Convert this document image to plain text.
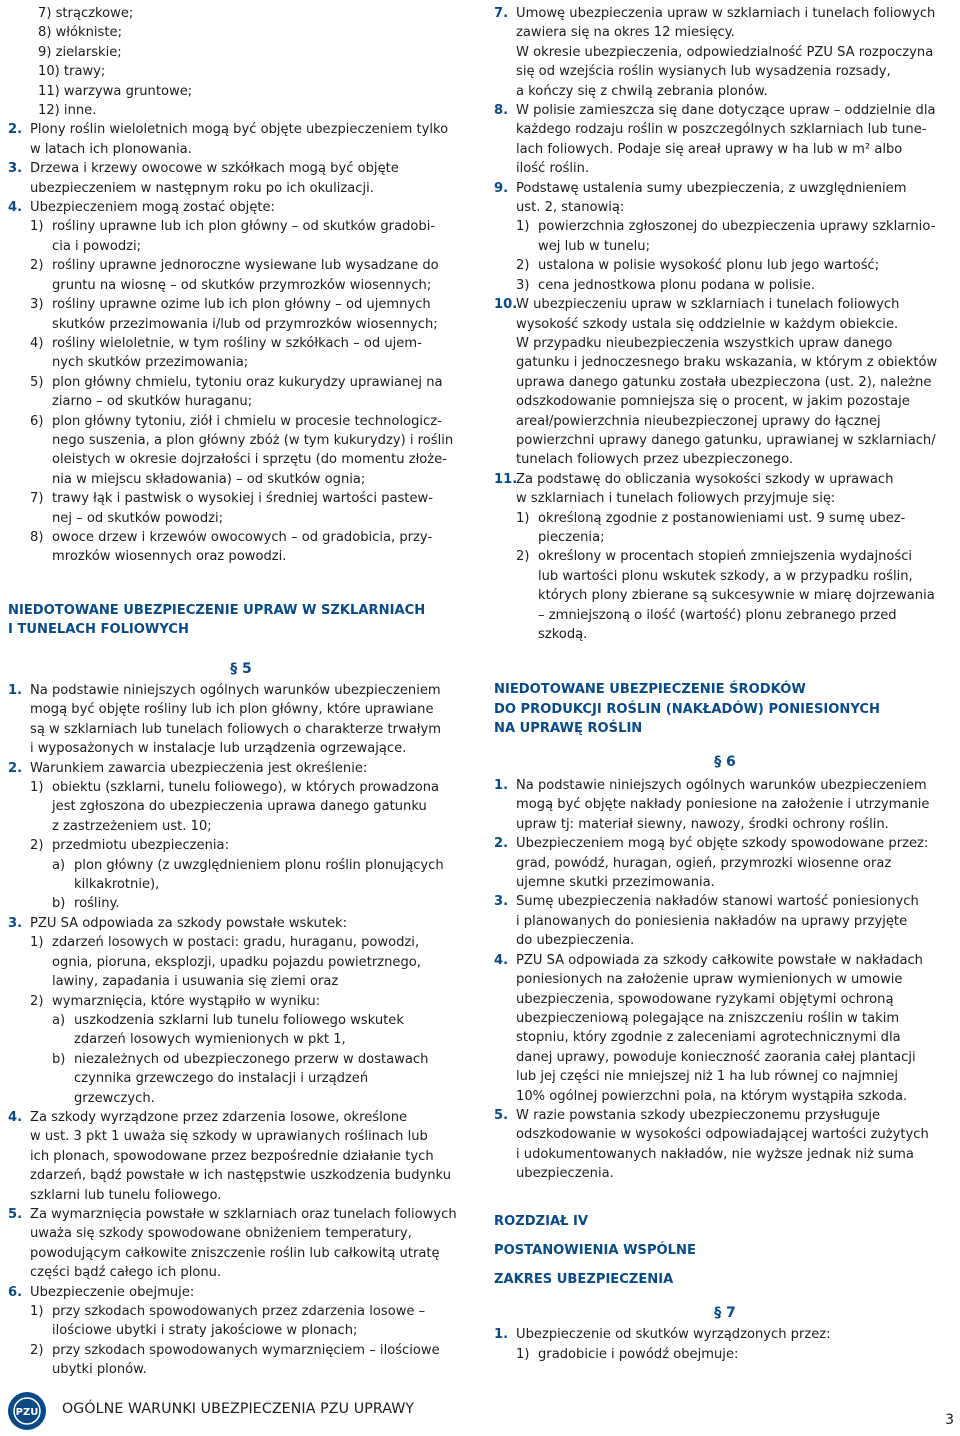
7) strączkowe;
8) włókniste;
9) zielarskie;
10) trawy;
11) warzywa gruntowe;
12) inne.
2. Plony roślin wieloletnich mogą być objęte ubezpieczeniem tylko
w latach ich plonowania.
3. Drzewa i krzewy owocowe w szkółkach mogą być objęte
ubezpieczeniem w następnym roku po ich okulizacji.
4. Ubezpieczeniem mogą zostać objęte:
1) rośliny uprawne lub ich plon główny – od skutków gradobi-
cia i powodzi;
2) rośliny uprawne jednoroczne wysiewane lub wysadzane do
gruntu na wiosnę – od skutków przymrozków wiosennych;
3) rośliny uprawne ozime lub ich plon główny – od ujemnych
skutków przezimowania i/lub od przymrozków wiosennych;
4) rośliny wieloletnie, w tym rośliny w szkółkach – od ujem-
nych skutków przezimowania;
5) plon główny chmielu, tytoniu oraz kukurydzy uprawianej na
ziarno – od skutków huraganu;
6) plon główny tytoniu, ziół i chmielu w procesie technologicz-
nego suszenia, a plon główny zbóż (w tym kukurydzy) i roślin
oleistych w okresie dojrzałości i sprzętu (do momentu złoże-
nia w miejscu składowania) – od skutków ognia;
7) trawy łąk i pastwisk o wysokiej i średniej wartości pastew-
nej – od skutków powodzi;
8) owoce drzew i krzewów owocowych – od gradobicia, przy-
mrozków wiosennych oraz powodzi.

NIEDOTOWANE UBEZPIECZENIE UPRAW W SZKLARNIACH

I TUNELACH FOLIOWYCH

§ 5
1. Na podstawie niniejszych ogólnych warunków ubezpieczeniem
mogą być objęte rośliny lub ich plon główny, które uprawiane
są w szklarniach lub tunelach foliowych o charakterze trwałym
i wyposażonych w instalacje lub urządzenia ogrzewające.
2. Warunkiem zawarcia ubezpieczenia jest określenie:
1) obiektu (szklarni, tunelu foliowego), w których prowadzona
jest zgłoszona do ubezpieczenia uprawa danego gatunku
z zastrzeżeniem ust. 10;
2) przedmiotu ubezpieczenia:
a) plon główny (z uwzględnieniem plonu roślin plonujących
kilkakrotnie),
b) rośliny.
3. PZU SA odpowiada za szkody powstałe wskutek:
1) zdarzeń losowych w postaci: gradu, huraganu, powodzi,
ognia, pioruna, eksplozji, upadku pojazdu powietrznego,
lawiny, zapadania i usuwania się ziemi oraz
2) wymarznięcia, które wystąpiło w wyniku:
a) uszkodzenia szklarni lub tunelu foliowego wskutek
zdarzeń losowych wymienionych w pkt 1,
b) niezależnych od ubezpieczonego przerw w dostawach
czynnika grzewczego do instalacji i urządzeń
grzewczych.
4. Za szkody wyrządzone przez zdarzenia losowe, określone
w ust. 3 pkt 1 uważa się szkody w uprawianych roślinach lub
ich plonach, spowodowane przez bezpośrednie działanie tych
zdarzeń, bądź powstałe w ich następstwie uszkodzenia budynku
szklarni lub tunelu foliowego.
5. Za wymarznięcia powstałe w szklarniach oraz tunelach foliowych
uważa się szkody spowodowane obniżeniem temperatury,
powodującym całkowite zniszczenie roślin lub całkowitą utratę
części bądź całego ich plonu.
6. Ubezpieczenie obejmuje:
1) przy szkodach spowodowanych przez zdarzenia losowe –
ilościowe ubytki i straty jakościowe w plonach;
2) przy szkodach spowodowanych wymarznięciem – ilościowe
ubytki plonów.
7. Umowę ubezpieczenia upraw w szklarniach i tunelach foliowych
zawiera się na okres 12 miesięcy.
W okresie ubezpieczenia, odpowiedzialność PZU SA rozpoczyna
się od wzejścia roślin wysianych lub wysadzenia rozsady,
a kończy się z chwilą zebrania plonów.
8. W polisie zamieszcza się dane dotyczące upraw – oddzielnie dla
każdego rodzaju roślin w poszczególnych szklarniach lub tune-
lach foliowych. Podaje się areał uprawy w ha lub w m² albo
ilość roślin.
9. Podstawę ustalenia sumy ubezpieczenia, z uwzględnieniem
ust. 2, stanowią:
1) powierzchnia zgłoszonej do ubezpieczenia uprawy szklarnio-
wej lub w tunelu;
2) ustalona w polisie wysokość plonu lub jego wartość;
3) cena jednostkowa plonu podana w polisie.
10.
W ubezpieczeniu upraw w szklarniach i tunelach foliowych
wysokość szkody ustala się oddzielnie w każdym obiekcie.
W przypadku nieubezpieczenia wszystkich upraw danego
gatunku i jednoczesnego braku wskazania, w którym z obiektów
uprawa danego gatunku została ubezpieczona (ust. 2), należne
odszkodowanie pomniejsza się o procent, w jakim pozostaje
areał/powierzchnia nieubezpieczonej uprawy do łącznej
powierzchni uprawy danego gatunku, uprawianej w szklarniach/
tunelach foliowych przez ubezpieczonego.
11.
Za podstawę do obliczania wysokości szkody w uprawach
w szklarniach i tunelach foliowych przyjmuje się:
1) określoną zgodnie z postanowieniami ust. 9 sumę ubez-
pieczenia;
2) określony w procentach stopień zmniejszenia wydajności
lub wartości plonu wskutek szkody, a w przypadku roślin,
których plony zbierane są sukcesywnie w miarę dojrzewania
– zmniejszoną o ilość (wartość) plonu zebranego przed
szkodą.

NIEDOTOWANE UBEZPIECZENIE ŚRODKÓW

DO PRODUKCJI ROŚLIN (NAKŁADÓW) PONIESIONYCH

NA UPRAWĘ ROŚLIN

§ 6
1. Na podstawie niniejszych ogólnych warunków ubezpieczeniem
mogą być objęte nakłady poniesione na założenie i utrzymanie
upraw tj: materiał siewny, nawozy, środki ochrony roślin.
2. Ubezpieczeniem mogą być objęte szkody spowodowane przez:
grad, powódź, huragan, ogień, przymrozki wiosenne oraz
ujemne skutki przezimowania.
3. Sumę ubezpieczenia nakładów stanowi wartość poniesionych
i planowanych do poniesienia nakładów na uprawy przyjęte
do ubezpieczenia.
4. PZU SA odpowiada za szkody całkowite powstałe w nakładach
poniesionych na założenie upraw wymienionych w umowie
ubezpieczenia, spowodowane ryzykami objętymi ochroną
ubezpieczeniową polegające na zniszczeniu roślin w takim
stopniu, który zgodnie z zaleceniami agrotechnicznymi dla
danej uprawy, powoduje konieczność zaorania całej plantacji
lub jej części nie mniejszej niż 1 ha lub równej co najmniej
10% ogólnej powierzchni pola, na którym wystąpiła szkoda.
5. W razie powstania szkody ubezpieczonemu przysługuje
odszkodowanie w wysokości odpowiadającej wartości zużytych
i udokumentowanych nakładów, nie wyższe jednak niż suma
ubezpieczenia.

ROZDZIAŁ IV

POSTANOWIENIA WSPÓLNE

ZAKRES UBEZPIECZENIA

§ 7
1. Ubezpieczenie od skutków wyrządzonych przez:
1) gradobicie i powódź obejmuje:
PZU OGÓLNE WARUNKI UBEZPIECZENIA PZU UPRAWY
3
